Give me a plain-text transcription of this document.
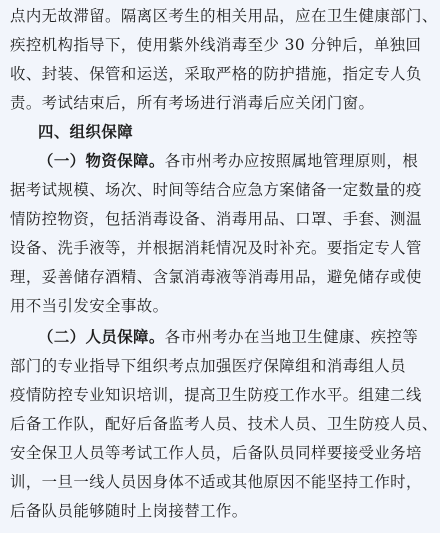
点内无故滞留。隔离区考生的相关用品，应在卫生健康部门、
疾控机构指导下，使用紫外线消毒至少 30 分钟后，单独回
收、封装、保管和运送，采取严格的防护措施，指定专人负
责。考试结束后，所有考场进行消毒后应关闭门窗。
四、组织保障
（一）物资保障。各市州考办应按照属地管理原则，根
据考试规模、场次、时间等结合应急方案储备一定数量的疫
情防控物资，包括消毒设备、消毒用品、口罩、手套、测温
设备、洗手液等，并根据消耗情况及时补充。要指定专人管
理，妥善储存酒精、含氯消毒液等消毒用品，避免储存或使
用不当引发安全事故。
（二）人员保障。各市州考办在当地卫生健康、疾控等
部门的专业指导下组织考点加强医疗保障组和消毒组人员
疫情防控专业知识培训，提高卫生防疫工作水平。组建二线
后备工作队，配好后备监考人员、技术人员、卫生防疫人员、
安全保卫人员等考试工作人员，后备队员同样要接受业务培
训，一旦一线人员因身体不适或其他原因不能坚持工作时，
后备队员能够随时上岗接替工作。
